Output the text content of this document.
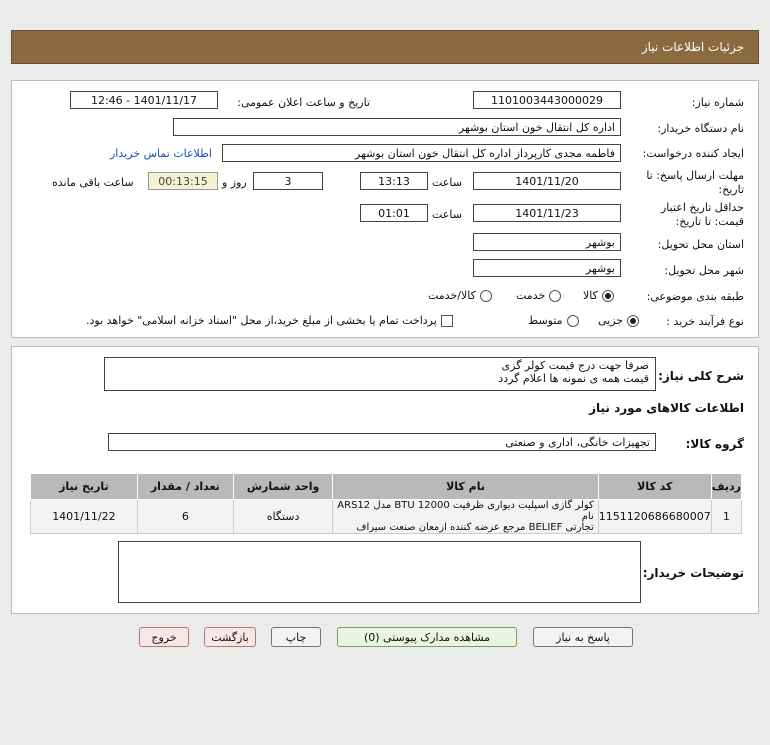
جزئیات اطلاعات نیاز
شماره نیاز:
1101003443000029
تاریخ و ساعت اعلان عمومی:
1401/11/17 - 12:46
نام دستگاه خریدار:
اداره کل انتقال خون استان بوشهر
ایجاد کننده درخواست:
فاطمه مجدی کارپرداز اداره کل انتقال خون استان بوشهر
اطلاعات تماس خریدار
مهلت ارسال پاسخ: تا
تاریخ:
1401/11/20
ساعت
13:13
3
روز و
00:13:15
ساعت باقی مانده
حداقل تاریخ اعتبار
قیمت: تا تاریخ:
1401/11/23
ساعت
01:01
استان محل تحویل:
بوشهر
شهر محل تحویل:
بوشهر
طبقه بندی موضوعی:
کالا
خدمت
کالا/خدمت
نوع فرآیند خرید :
جزیی
متوسط
پرداخت تمام یا بخشی از مبلغ خرید،از محل "اسناد خزانه اسلامی" خواهد بود.
شرح کلی نیاز:
صرفا جهت درج قیمت کولر گزی
قیمت همه ی نمونه ها اعلام گردد
اطلاعات کالاهای مورد نیاز
گروه کالا:
تجهیزات خانگی، اداری و صنعتی
ردیف	کد کالا	نام کالا	واحد شمارش	تعداد / مقدار	تاریخ نیاز
1	1151120686680007	کولر گازی اسپلیت دیواری ظرفیت BTU 12000 مدل ARS12 نام
تجارتی BELIEF مرجع عرضه کننده ازمعان صنعت سیراف	دستگاه	6	1401/11/22
توضیحات خریدار:
پاسخ به نیاز
مشاهده مدارک پیوستی (0)
چاپ
بازگشت
خروج
